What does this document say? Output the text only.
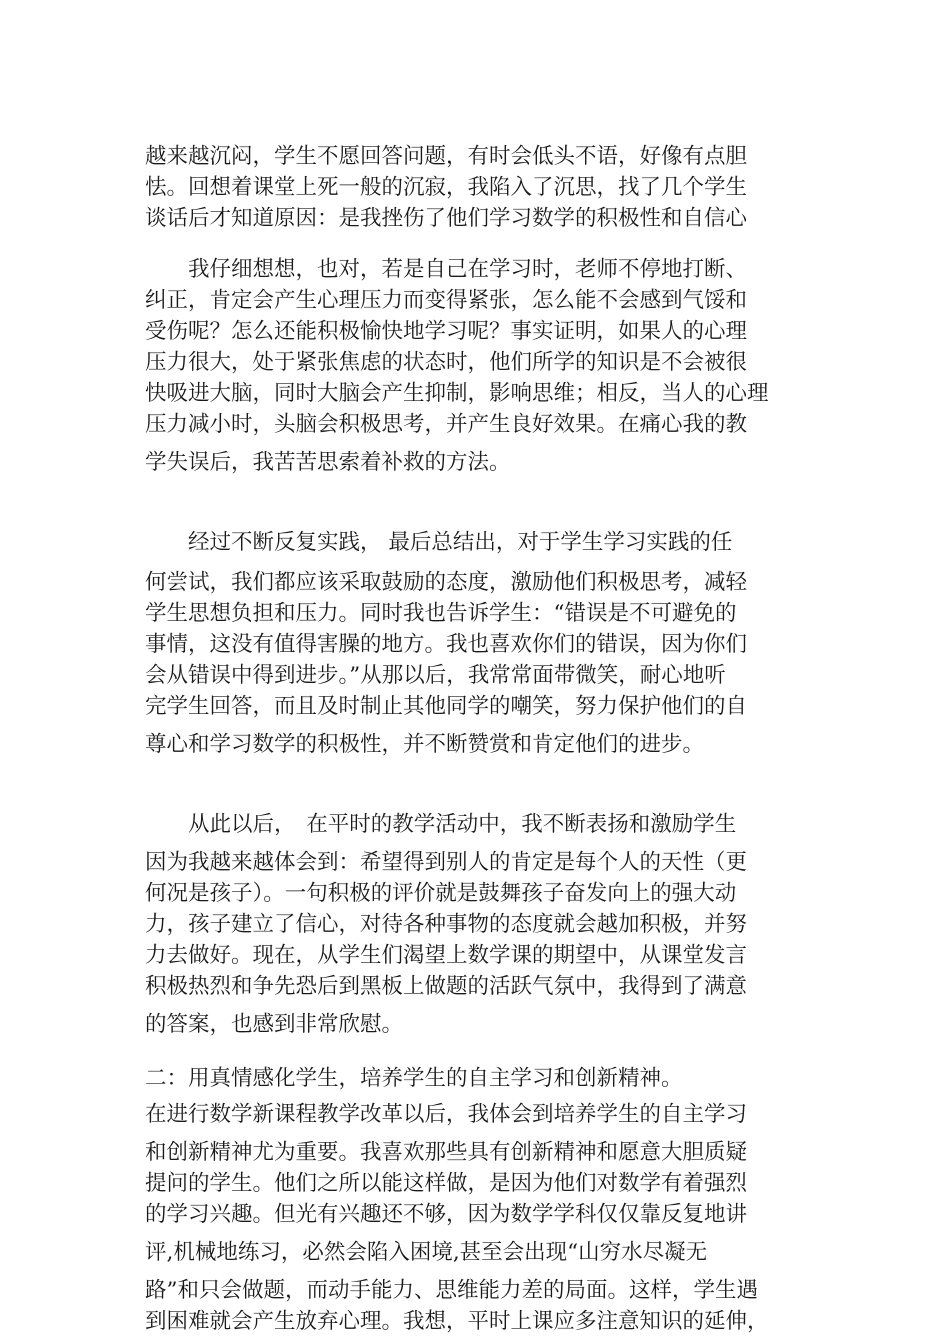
越来越沉闷，学生不愿回答问题，有时会低头不语，好像有点胆
怯。回想着课堂上死一般的沉寂，我陷入了沉思，找了几个学生
谈话后才知道原因：是我挫伤了他们学习数学的积极性和自信心
　　我仔细想想，也对，若是自己在学习时，老师不停地打断、
纠正，肯定会产生心理压力而变得紧张，怎么能不会感到气馁和
受伤呢？怎么还能积极愉快地学习呢？事实证明，如果人的心理
压力很大，处于紧张焦虑的状态时，他们所学的知识是不会被很
快吸进大脑，同时大脑会产生抑制，影响思维；相反，当人的心理
压力减小时，头脑会积极思考，并产生良好效果。在痛心我的教
学失误后，我苦苦思索着补救的方法。
　　经过不断反复实践， 最后总结出，对于学生学习实践的任
何尝试，我们都应该采取鼓励的态度，激励他们积极思考，减轻
学生思想负担和压力。同时我也告诉学生：“错误是不可避免的
事情，这没有值得害臊的地方。我也喜欢你们的错误，因为你们
会从错误中得到进步。”从那以后，我常常面带微笑，耐心地听
完学生回答，而且及时制止其他同学的嘲笑，努力保护他们的自
尊心和学习数学的积极性，并不断赞赏和肯定他们的进步。
　　从此以后，　在平时的教学活动中，我不断表扬和激励学生
因为我越来越体会到：希望得到别人的肯定是每个人的天性（更
何况是孩子）。一句积极的评价就是鼓舞孩子奋发向上的强大动
力，孩子建立了信心，对待各种事物的态度就会越加积极，并努
力去做好。现在，从学生们渴望上数学课的期望中，从课堂发言
积极热烈和争先恐后到黑板上做题的活跃气氛中，我得到了满意
的答案，也感到非常欣慰。
二：用真情感化学生，培养学生的自主学习和创新精神。
在进行数学新课程教学改革以后，我体会到培养学生的自主学习
和创新精神尤为重要。我喜欢那些具有创新精神和愿意大胆质疑
提问的学生。他们之所以能这样做，是因为他们对数学有着强烈
的学习兴趣。但光有兴趣还不够，因为数学学科仅仅靠反复地讲
评,机械地练习，必然会陷入困境,甚至会出现“山穷水尽凝无
路”和只会做题，而动手能力、思维能力差的局面。这样，学生遇
到困难就会产生放弃心理。我想，平时上课应多注意知识的延伸，
